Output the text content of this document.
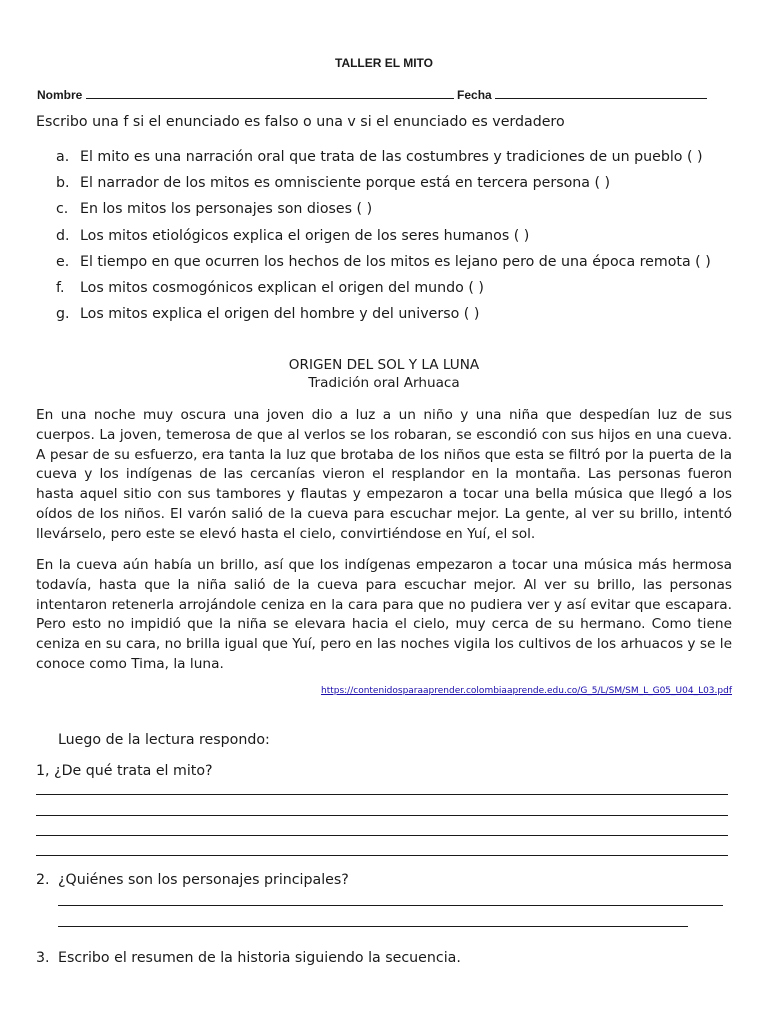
TALLER EL MITO
Nombre	Fecha
Escribo una f si el enunciado es falso o una v si el enunciado es verdadero
a. El mito es una narración oral que trata de las costumbres y tradiciones de un pueblo ( )
b. El narrador de los mitos es omnisciente porque está en tercera persona ( )
c. En los mitos los personajes son dioses ( )
d. Los mitos etiológicos explica el origen de los seres humanos ( )
e. El tiempo en que ocurren los hechos de los mitos es lejano pero de una época remota ( )
f. Los mitos cosmogónicos explican el origen del mundo ( )
g. Los mitos explica el origen del hombre y del universo ( )
ORIGEN DEL SOL Y LA LUNA
Tradición oral Arhuaca

En una noche muy oscura una joven dio a luz a un niño y una niña que despedían luz de sus cuerpos. La joven, temerosa de que al verlos se los robaran, se escondió con sus hijos en una cueva. A pesar de su esfuerzo, era tanta la luz que brotaba de los niños que esta se filtró por la puerta de la cueva y los indígenas de las cercanías vieron el resplandor en la montaña. Las personas fueron hasta aquel sitio con sus tambores y flautas y empezaron a tocar una bella música que llegó a los oídos de los niños. El varón salió de la cueva para escuchar mejor. La gente, al ver su brillo, intentó llevárselo, pero este se elevó hasta el cielo, convirtiéndose en Yuí, el sol.

En la cueva aún había un brillo, así que los indígenas empezaron a tocar una música más hermosa todavía, hasta que la niña salió de la cueva para escuchar mejor. Al ver su brillo, las personas intentaron retenerla arrojándole ceniza en la cara para que no pudiera ver y así evitar que escapara. Pero esto no impidió que la niña se elevara hacia el cielo, muy cerca de su hermano. Como tiene ceniza en su cara, no brilla igual que Yuí, pero en las noches vigila los cultivos de los arhuacos y se le conoce como Tima, la luna.

https://contenidosparaaprender.colombiaaprende.edu.co/G_5/L/SM/SM_L_G05_U04_L03.pdf
Luego de la lectura respondo:
1, ¿De qué trata el mito?
2. ¿Quiénes son los personajes principales?
3. Escribo el resumen de la historia siguiendo la secuencia.
